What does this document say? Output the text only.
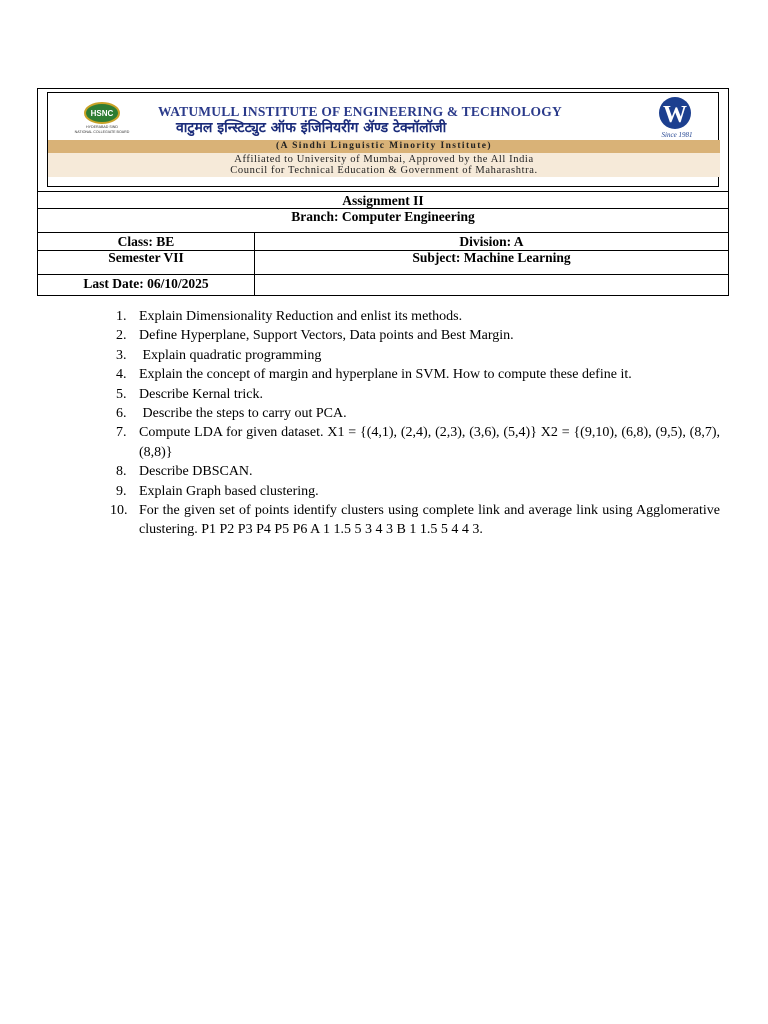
HSNC
HYDERABAD SIND
NATIONAL COLLEGIATE BOARD
WATUMULL INSTITUTE OF ENGINEERING & TECHNOLOGY
वाटुमल इन्स्टिट्युट ऑफ इंजिनियरींग ॲण्ड टेक्नॉलॉजी	W
Since 1981
(A Sindhi Linguistic Minority Institute)
Affiliated to University of Mumbai, Approved by the All India
Council for Technical Education & Government of Maharashtra.
Assignment II
Branch: Computer Engineering
Class: BE	Division: A
Semester VII	Subject: Machine Learning
Last Date: 06/10/2025
1. Explain Dimensionality Reduction and enlist its methods.
2. Define Hyperplane, Support Vectors, Data points and Best Margin.
3. Explain quadratic programming
4. Explain the concept of margin and hyperplane in SVM. How to compute these define it.
5. Describe Kernal trick.
6. Describe the steps to carry out PCA.
7. Compute LDA for given dataset. X1 = {(4,1), (2,4), (2,3), (3,6), (5,4)} X2 = {(9,10), (6,8), (9,5), (8,7), (8,8)}
8. Describe DBSCAN.
9. Explain Graph based clustering.
10. For the given set of points identify clusters using complete link and average link using Agglomerative clustering. P1 P2 P3 P4 P5 P6 A 1 1.5 5 3 4 3 B 1 1.5 5 4 4 3.
